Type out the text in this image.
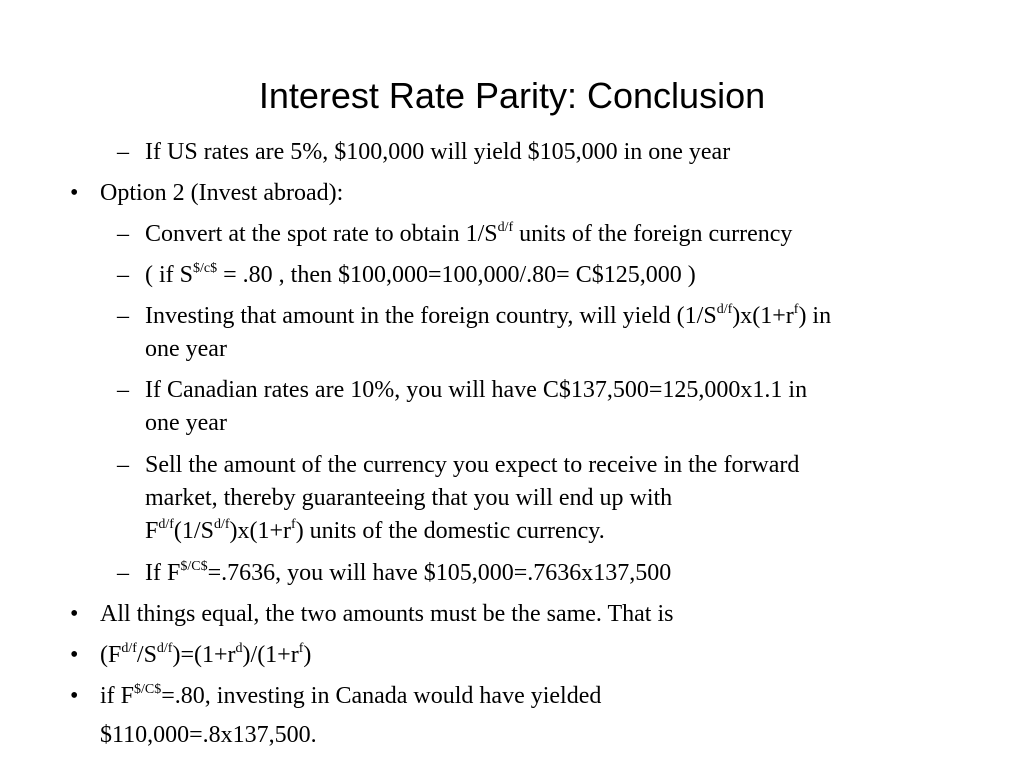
Interest Rate Parity: Conclusion
– If US rates are 5%, $100,000 will yield $105,000 in one year
• Option 2 (Invest abroad):
– Convert at the spot rate to obtain $1/S^{d/f}$ units of the foreign currency
– ( if $S^{\$/c\$} = .80$ , then $100,000=100,000/.80= C$125,000 )
– Investing that amount in the foreign country, will yield $(1/S^{d/f})x(1+r^f)$ in
one year
– If Canadian rates are 10%, you will have C$137,500=125,000x1.1 in
one year
– Sell the amount of the currency you expect to receive in the forward
market, thereby guaranteeing that you will end up with
$F^{d/f}(1/S^{d/f})x(1+r^f)$ units of the domestic currency.
– If $F^{\$/C\$}=.7636$, you will have $105,000=.7636x137,500
• All things equal, the two amounts must be the same. That is
• $(F^{d/f}/S^{d/f})=(1+r^d)/(1+r^f)$
• if $F^{\$/C\$}=.80$, investing in Canada would have yielded
$110,000=.8x137,500.
